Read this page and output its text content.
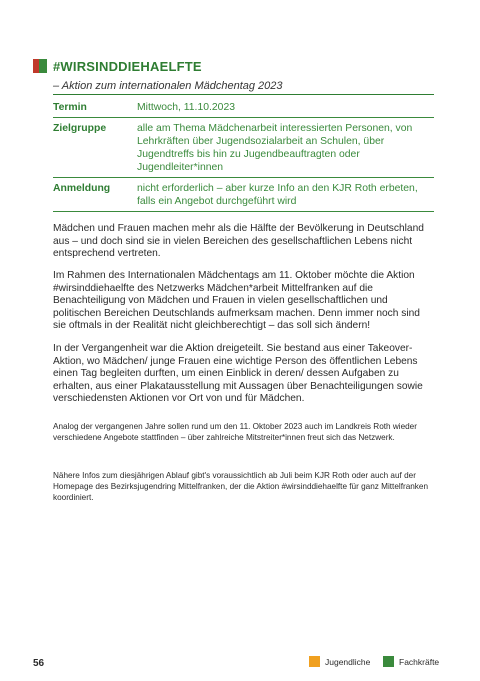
#WIRSINDDIEHAELFTE
– Aktion zum internationalen Mädchentag 2023
Termin	Mittwoch, 11.10.2023
Zielgruppe	alle am Thema Mädchenarbeit interessierten Personen, von Lehrkräften über Jugendsozialarbeit an Schulen, über Jugendtreffs bis hin zu Jugendbeauftragten oder Jugendleiter*innen
Anmeldung	nicht erforderlich – aber kurze Info an den KJR Roth erbeten, falls ein Angebot durchgeführt wird

Mädchen und Frauen machen mehr als die Hälfte der Bevölkerung in Deutschland aus – und doch sind sie in vielen Bereichen des gesellschaftlichen Lebens nicht entsprechend vertreten.

Im Rahmen des Internationalen Mädchentags am 11. Oktober möchte die Aktion #wirsinddiehaelfte des Netzwerks Mädchen*arbeit Mittelfranken auf die Benachteiligung von Mädchen und Frauen in vielen gesellschaftlichen und politischen Bereichen Deutschlands aufmerksam machen. Denn immer noch sind sie oftmals in der Realität nicht gleichberechtigt – das soll sich ändern!

In der Vergangenheit war die Aktion dreigeteilt. Sie bestand aus einer Takeover-Aktion, wo Mädchen/ junge Frauen eine wichtige Person des öffentlichen Lebens einen Tag begleiten durften, um einen Einblick in deren/ dessen Aufgaben zu erhalten, aus einer Plakatausstellung mit Aussagen über Benachteiligungen sowie verschiedensten Aktionen vor Ort von und für Mädchen.

Analog der vergangenen Jahre sollen rund um den 11. Oktober 2023 auch im Landkreis Roth wieder verschiedene Angebote stattfinden – über zahlreiche Mitstreiter*innen freut sich das Netzwerk.

Nähere Infos zum diesjährigen Ablauf gibt's voraussichtlich ab Juli beim KJR Roth oder auch auf der Homepage des Bezirksjugendring Mittelfranken, der die Aktion #wirsinddiehaelfte für ganz Mittelfranken koordiniert.

56	Jugendliche	Fachkräfte
